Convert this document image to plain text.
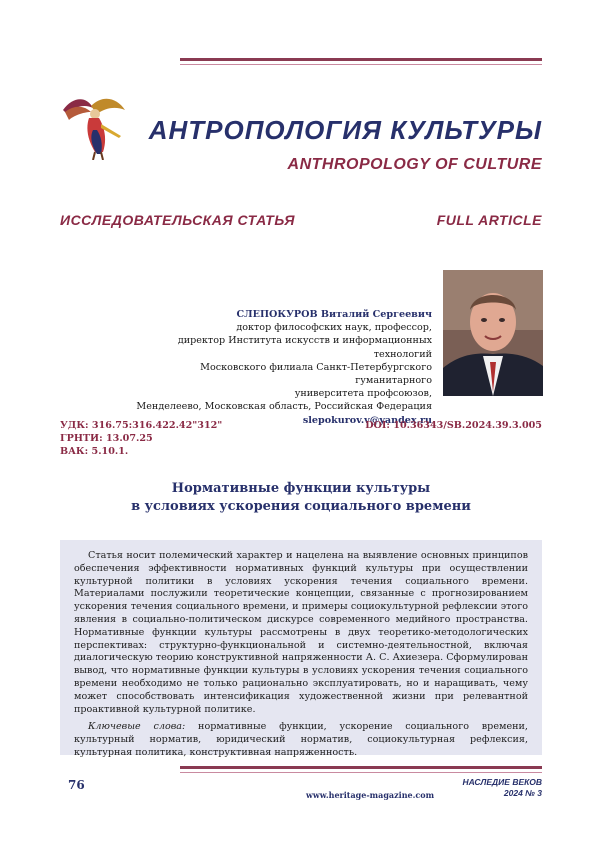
АНТРОПОЛОГИЯ КУЛЬТУРЫ
ANTHROPOLOGY OF CULTURE
ИССЛЕДОВАТЕЛЬСКАЯ СТАТЬЯ	FULL ARTICLE
СЛЕПОКУРОВ Виталий Сергеевич
доктор философских наук, профессор,
директор Института искусств и информационных технологий
Московского филиала Санкт-Петербургского гуманитарного
университета профсоюзов,
Менделеево, Московская область, Российская Федерация
slepokurov.v@yandex.ru
УДК: 316.75:316.422.42"312"
ГРНТИ: 13.07.25
ВАК: 5.10.1.
DOI: 10.36343/SB.2024.39.3.005
Нормативные функции культуры
в условиях ускорения социального времени

Статья носит полемический характер и нацелена на выявление основных принципов обеспечения эффективности нормативных функций культуры при осуществлении культурной политики в условиях ускорения течения социального времени. Материалами послужили теоретические концепции, связанные с прогнозированием ускорения течения социального времени, и примеры социокультурной рефлексии этого явления в социально-политическом дискурсе современного медийного пространства. Нормативные функции культуры рассмотрены в двух теоретико-методологических перспективах: структурно-функциональной и системно-деятельностной, включая диалогическую теорию конструктивной напряженности А. С. Ахиезера. Сформулирован вывод, что нормативные функции культуры в условиях ускорения течения социального времени необходимо не только рационально эксплуатировать, но и наращивать, чему может способствовать интенсификация художественной жизни при релевантной проактивной культурной политике.

Ключевые слова: нормативные функции, ускорение социального времени, культурный норматив, юридический норматив, социокультурная рефлексия, культурная политика, конструктивная напряженность.

76
www.heritage-magazine.com
НАСЛЕДИЕ ВЕКОВ
2024 № 3
